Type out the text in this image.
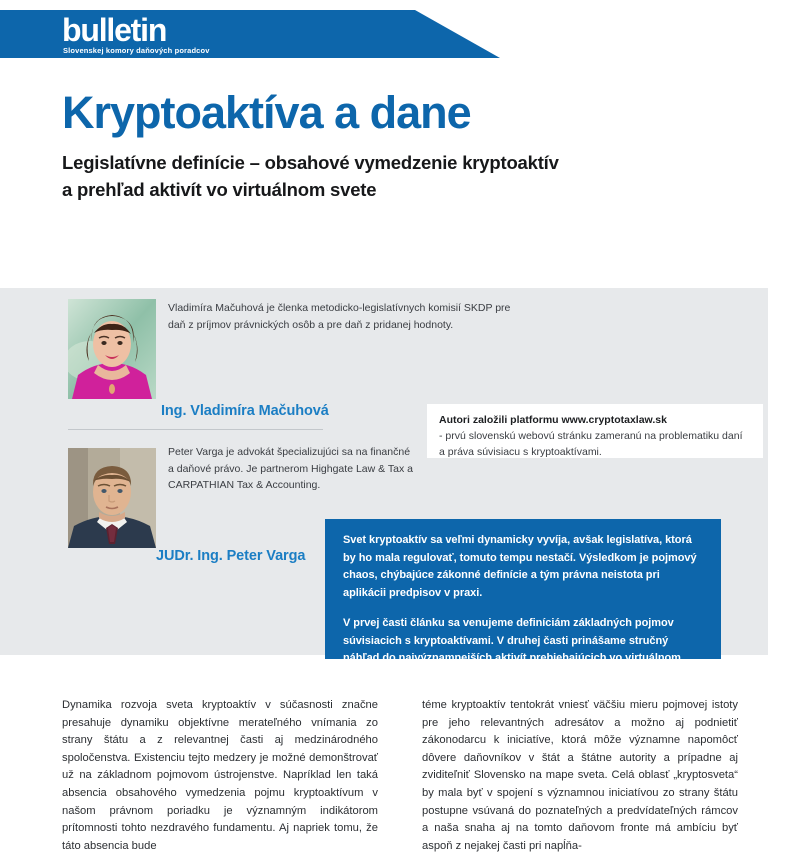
bulletin
Slovenskej komory daňových poradcov
Kryptoaktíva a dane
Legislatívne definície – obsahové vymedzenie kryptoaktív
a prehľad aktivít vo virtuálnom svete
Vladimíra Mačuhová je členka metodicko-legislatívnych komisií SKDP pre daň z príjmov právnických osôb a pre daň z pridanej hodnoty.
Ing. Vladimíra Mačuhová
Peter Varga je advokát špecializujúci sa na finančné a daňové právo. Je partnerom Highgate Law & Tax a CARPATHIAN Tax & Accounting.
JUDr. Ing. Peter Varga
Autori založili platformu www.cryptotaxlaw.sk
- prvú slovenskú webovú stránku zameranú na problematiku daní a práva súvisiacu s kryptoaktívami.

Svet kryptoaktív sa veľmi dynamicky vyvíja, avšak legislatíva, ktorá by ho mala regulovať, tomuto tempu nestačí. Výsledkom je pojmový chaos, chýbajúce zákonné definície a tým právna neistota pri aplikácii predpisov v praxi.

V prvej časti článku sa venujeme definíciám základných pojmov súvisiacich s kryptoaktívami. V druhej časti prinášame stručný náhľad do najvýznamnejších aktivít prebiehajúcich vo virtuálnom svete. V tretej časti uvádzame závery a príklady problematických oblastí, ktoré evidujeme z praxe.

Dynamika rozvoja sveta kryptoaktív v súčasnosti značne presahuje dynamiku objektívne merateľného vnímania zo strany štátu a z relevantnej časti aj medzinárodného spoločenstva. Existenciu tejto medzery je možné demonštrovať už na základnom pojmovom ústrojenstve. Napríklad len taká absencia obsahového vymedzenia pojmu kryptoaktívum v našom právnom poriadku je významným indikátorom prítomnosti tohto nezdravého fundamentu. Aj napriek tomu, že táto absencia bude

téme kryptoaktív tentokrát vniesť väčšiu mieru pojmovej istoty pre jeho relevantných adresátov a možno aj podnietiť zákonodarcu k iniciatíve, ktorá môže významne napomôcť dôvere daňovníkov v štát a štátne autority a prípadne aj zviditeľniť Slovensko na mape sveta. Celá oblasť „kryptosveta“ by mala byť v spojení s významnou iniciatívou zo strany štátu postupne vsúvaná do poznateľných a predvídateľných rámcov a naša snaha aj na tomto daňovom fronte má ambíciu byť aspoň z nejakej časti pri napĺňa-
